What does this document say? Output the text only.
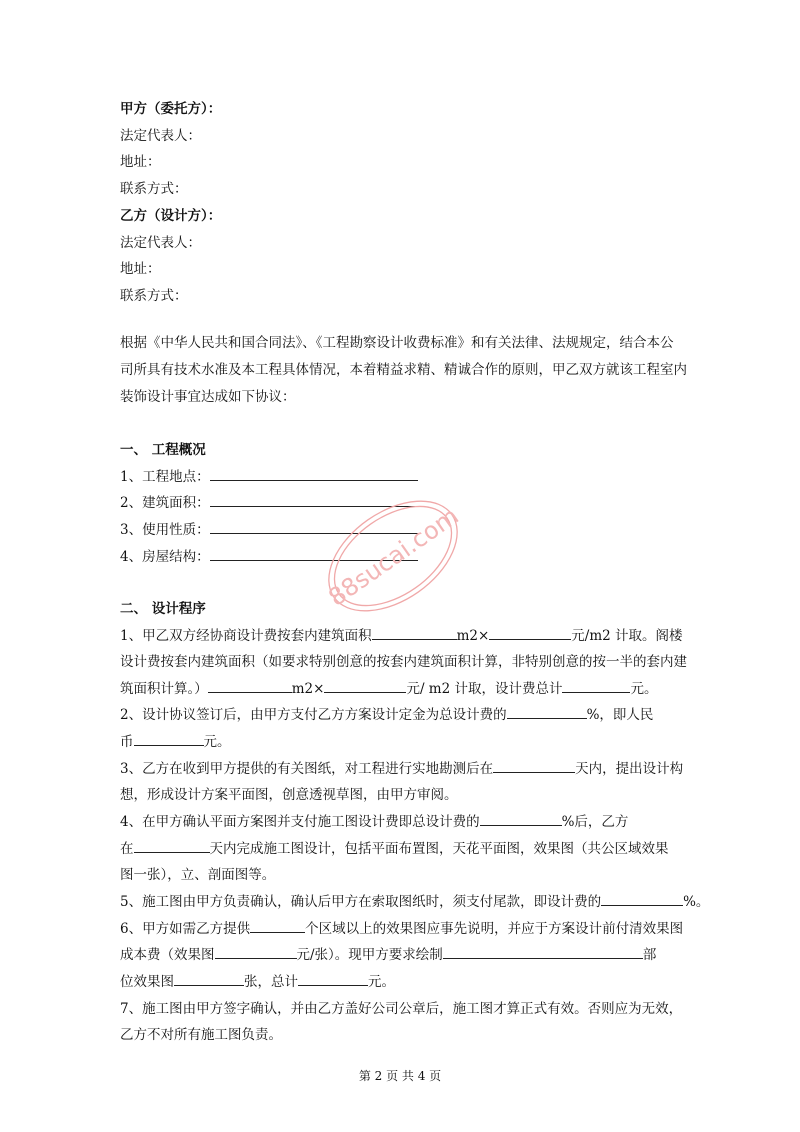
甲方（委托方）：
法定代表人：
地址：
联系方式：
乙方（设计方）：
法定代表人：
地址：
联系方式：
根据《中华人民共和国合同法》、《工程勘察设计收费标准》和有关法律、法规规定，结合本公
司所具有技术水准及本工程具体情况，本着精益求精、精诚合作的原则，甲乙双方就该工程室内
装饰设计事宜达成如下协议：
一、 工程概况
1、工程地点：
2、建筑面积：
3、使用性质：
4、房屋结构：
二、 设计程序
1、甲乙双方经协商设计费按套内建筑面积	m2×	元/m2 计取。阁楼
设计费按套内建筑面积（如要求特别创意的按套内建筑面积计算，非特别创意的按一半的套内建
筑面积计算。）	m2×	元/ m2 计取，设计费总计	元。
2、设计协议签订后，由甲方支付乙方方案设计定金为总设计费的	%，即人民
币	元。
3、乙方在收到甲方提供的有关图纸，对工程进行实地勘测后在	天内，提出设计构
想，形成设计方案平面图，创意透视草图，由甲方审阅。
4、在甲方确认平面方案图并支付施工图设计费即总设计费的	%后，乙方
在	天内完成施工图设计，包括平面布置图，天花平面图，效果图（共公区域效果
图一张），立、剖面图等。
5、施工图由甲方负责确认，确认后甲方在索取图纸时，须支付尾款，即设计费的	%。
6、甲方如需乙方提供	个区域以上的效果图应事先说明，并应于方案设计前付清效果图
成本费（效果图	元/张）。现甲方要求绘制	部
位效果图	张，总计	元。
7、施工图由甲方签字确认，并由乙方盖好公司公章后，施工图才算正式有效。否则应为无效，
乙方不对所有施工图负责。
88sucai.com
第 2 页 共 4 页
